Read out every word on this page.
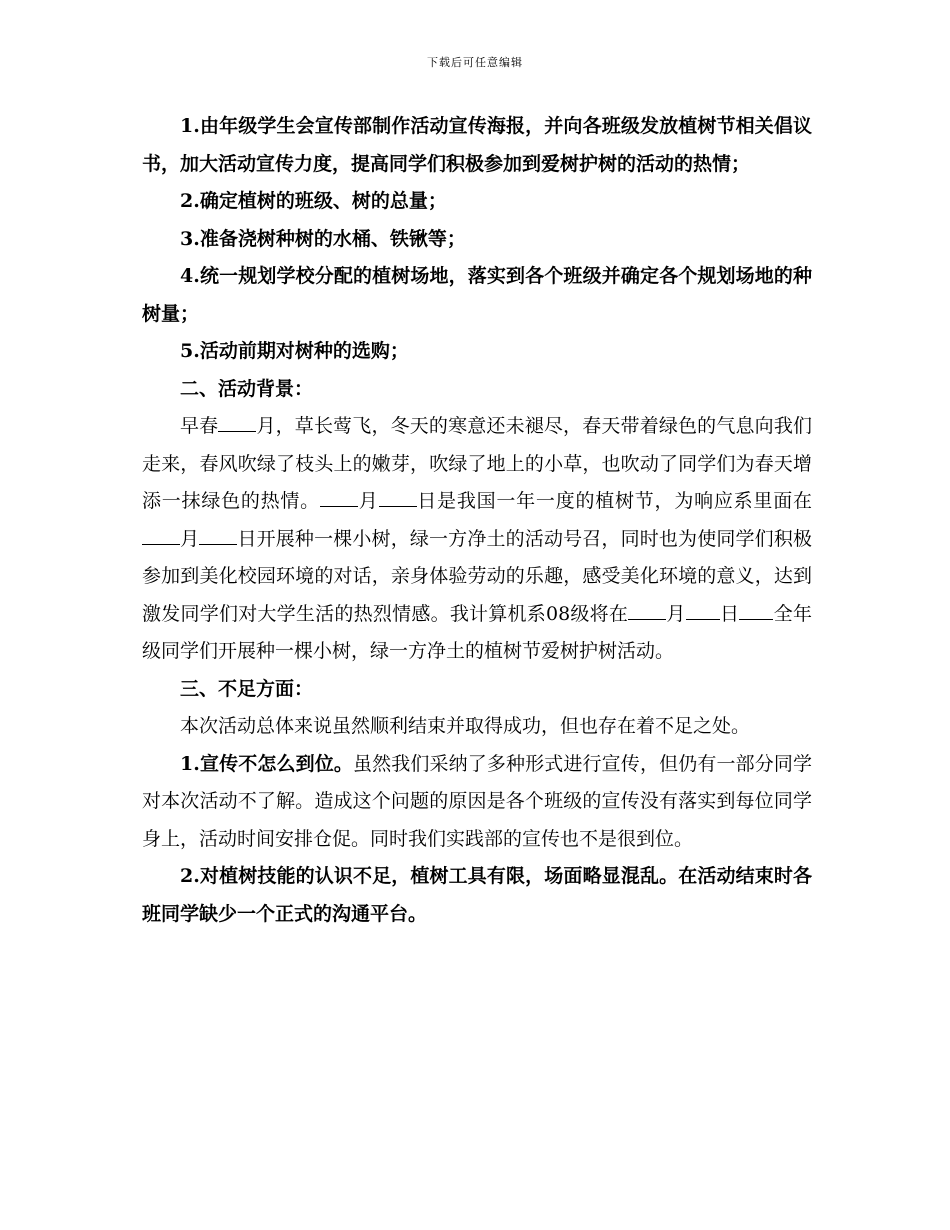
下载后可任意编辑

1.由年级学生会宣传部制作活动宣传海报，并向各班级发放植树节相关倡议书，加大活动宣传力度，提高同学们积极参加到爱树护树的活动的热情；

2.确定植树的班级、树的总量；

3.准备浇树种树的水桶、铁锹等；

4.统一规划学校分配的植树场地，落实到各个班级并确定各个规划场地的种树量；

5.活动前期对树种的选购；

二、活动背景：

早春 月，草长莺飞，冬天的寒意还未褪尽，春天带着绿色的气息向我们走来，春风吹绿了枝头上的嫩芽，吹绿了地上的小草，也吹动了同学们为春天增添一抹绿色的热情。 月 日是我国一年一度的植树节，为响应系里面在月 日开展种一棵小树，绿一方净土的活动号召，同时也为使同学们积极参加到美化校园环境的对话，亲身体验劳动的乐趣，感受美化环境的意义，达到激发同学们对大学生活的热烈情感。我计算机系08级将在 月 日 全年级同学们开展种一棵小树，绿一方净土的植树节爱树护树活动。

三、不足方面：

本次活动总体来说虽然顺利结束并取得成功，但也存在着不足之处。

1.宣传不怎么到位。虽然我们采纳了多种形式进行宣传，但仍有一部分同学对本次活动不了解。造成这个问题的原因是各个班级的宣传没有落实到每位同学身上，活动时间安排仓促。同时我们实践部的宣传也不是很到位。

2.对植树技能的认识不足，植树工具有限，场面略显混乱。在活动结束时各班同学缺少一个正式的沟通平台。
